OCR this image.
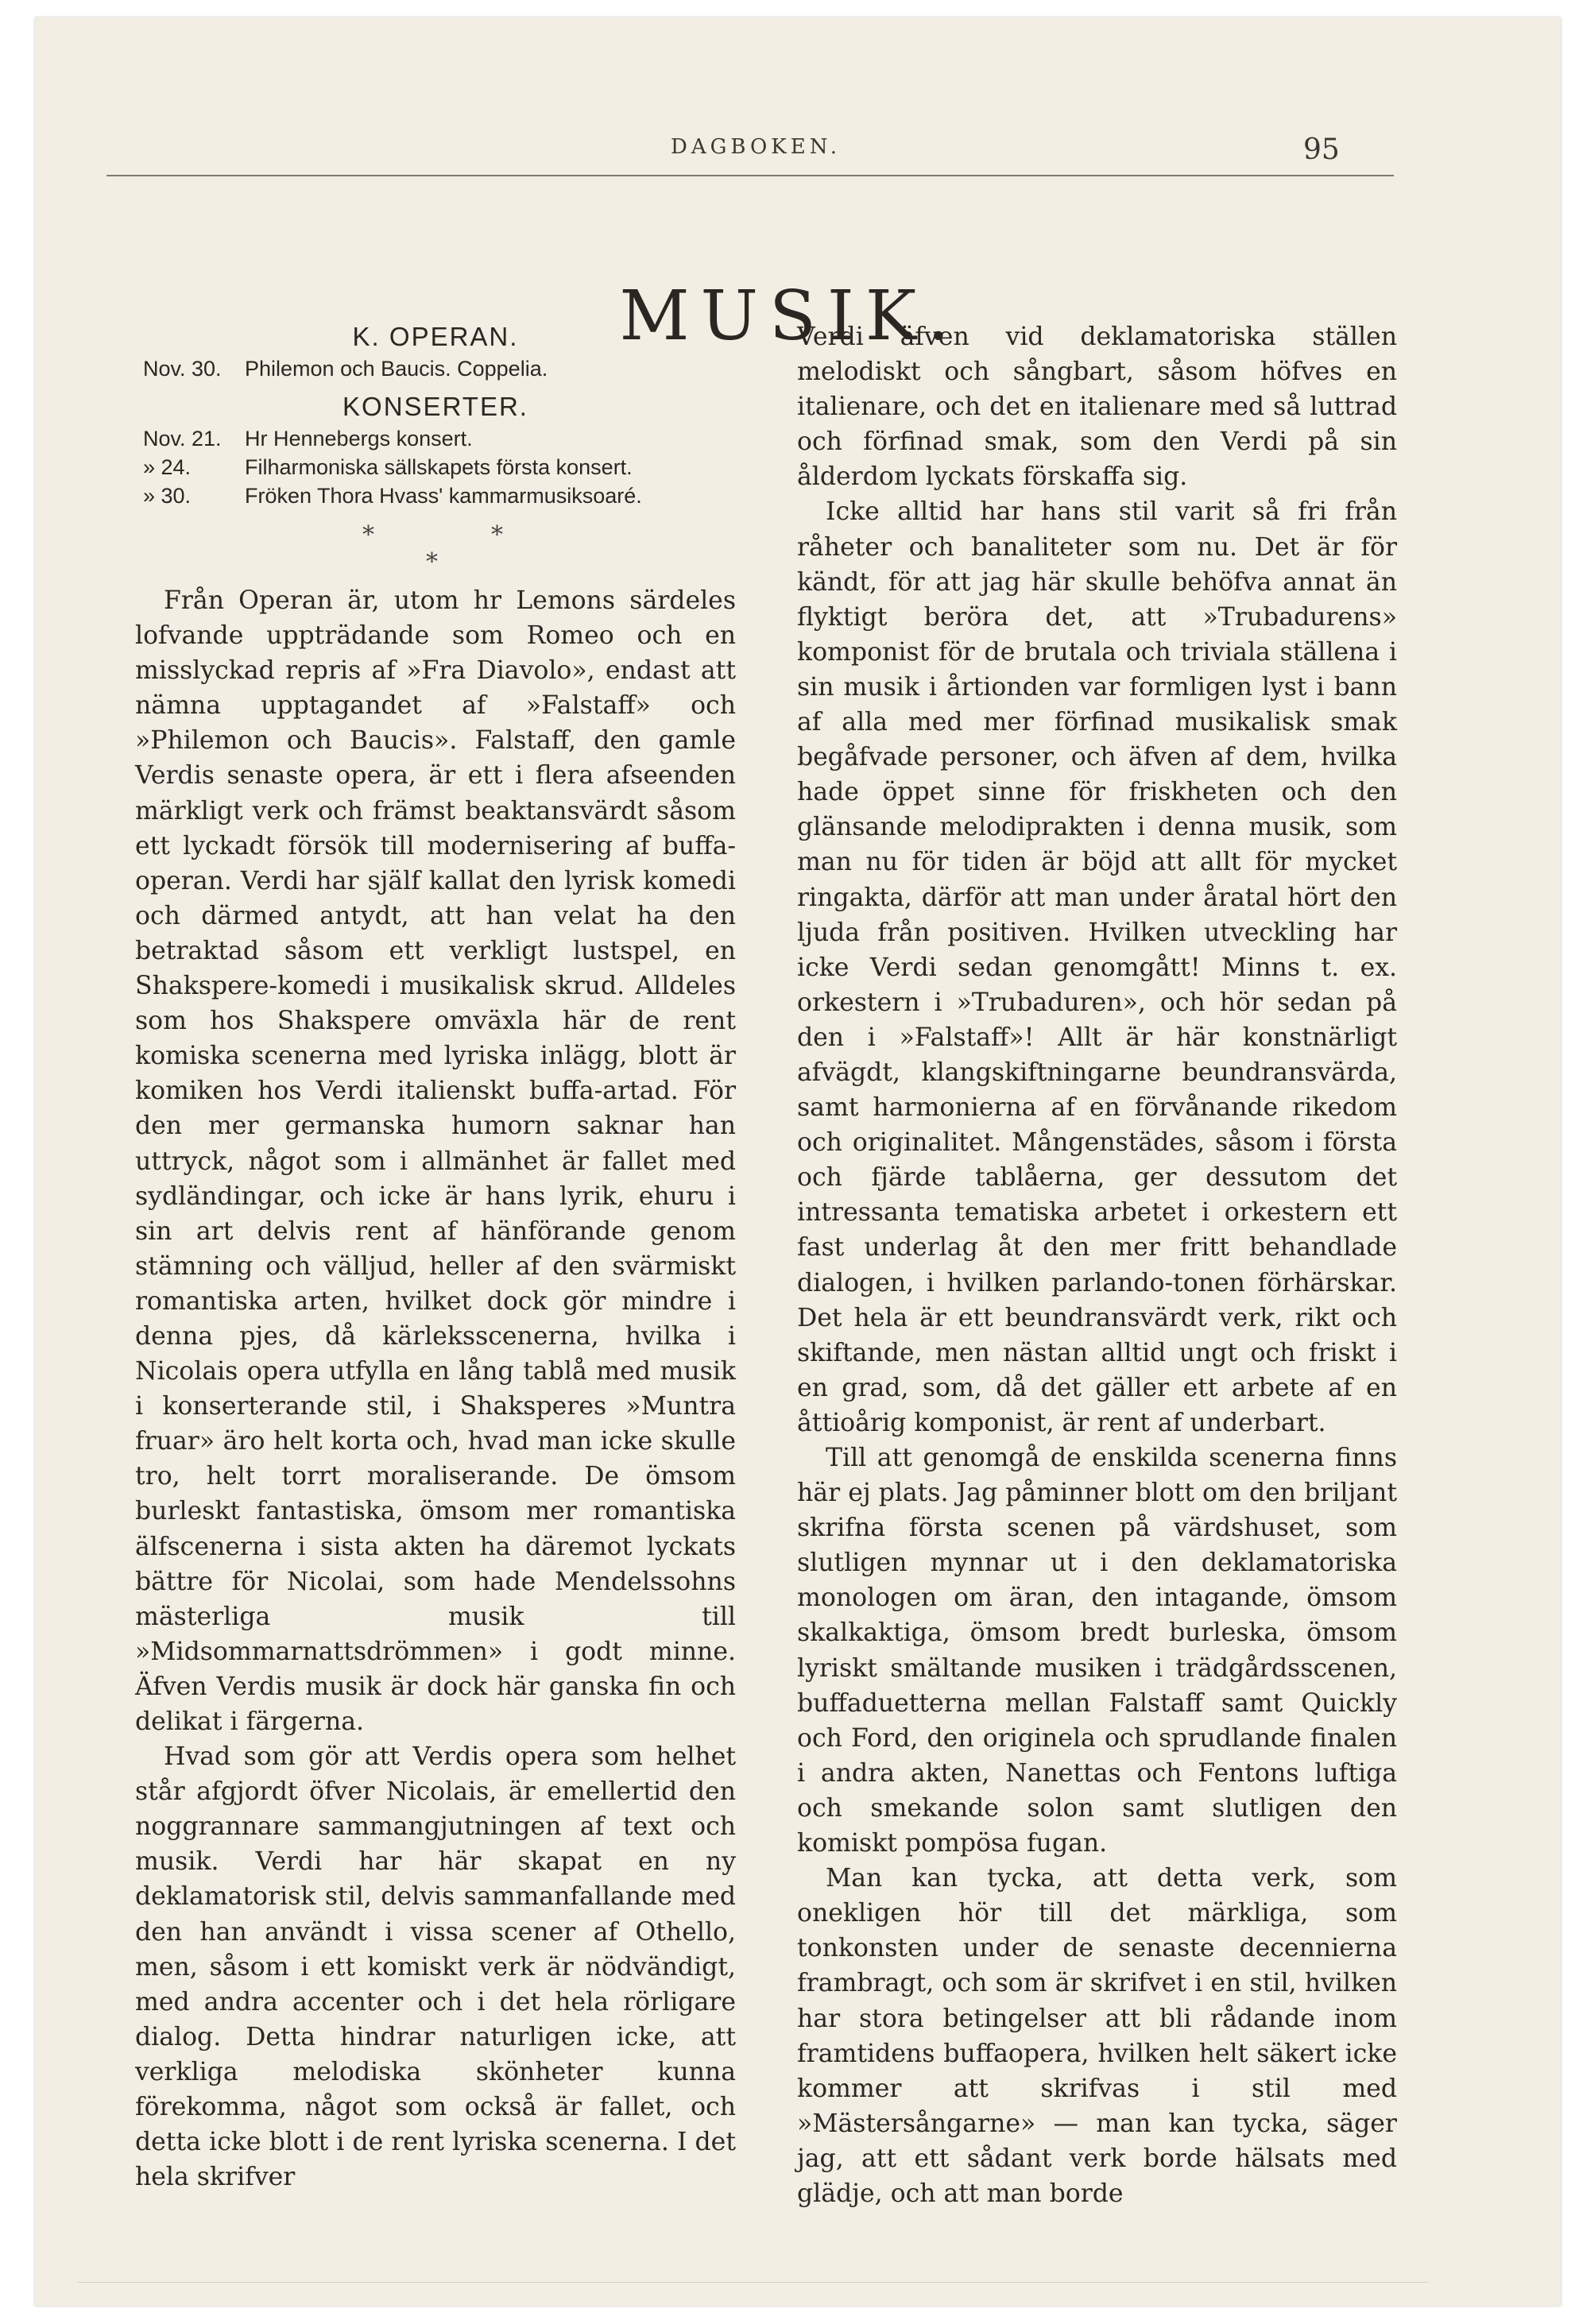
DAGBOKEN.	95
MUSIK.
K. OPERAN.
Nov. 30.	Philemon och Baucis. Coppelia.
KONSERTER.
Nov. 21.	Hr Hennebergs konsert.
» 24.	Filharmoniska sällskapets första konsert.
» 30.	Fröken Thora Hvass' kammarmusiksoaré.
*	*
*

Från Operan är, utom hr Lemons särdeles lofvande uppträdande som Romeo och en misslyckad repris af »Fra Diavolo», endast att nämna upptagandet af »Falstaff» och »Philemon och Baucis». Falstaff, den gamle Verdis senaste opera, är ett i flera afseenden märkligt verk och främst beaktansvärdt såsom ett lyckadt försök till modernisering af buffa-operan. Verdi har själf kallat den lyrisk komedi och därmed antydt, att han velat ha den betraktad såsom ett verkligt lustspel, en Shakspere-komedi i musikalisk skrud. Alldeles som hos Shakspere omväxla här de rent komiska scenerna med lyriska inlägg, blott är komiken hos Verdi italienskt buffa-artad. För den mer germanska humorn saknar han uttryck, något som i allmänhet är fallet med sydländingar, och icke är hans lyrik, ehuru i sin art delvis rent af hänförande genom stämning och välljud, heller af den svärmiskt romantiska arten, hvilket dock gör mindre i denna pjes, då kärleksscenerna, hvilka i Nicolais opera utfylla en lång tablå med musik i konserterande stil, i Shaksperes »Muntra fruar» äro helt korta och, hvad man icke skulle tro, helt torrt moraliserande. De ömsom burleskt fantastiska, ömsom mer romantiska älfscenerna i sista akten ha däremot lyckats bättre för Nicolai, som hade Mendelssohns mästerliga musik till »Midsommarnattsdrömmen» i godt minne. Äfven Verdis musik är dock här ganska fin och delikat i färgerna.

Hvad som gör att Verdis opera som helhet står afgjordt öfver Nicolais, är emellertid den noggrannare sammangjutningen af text och musik. Verdi har här skapat en ny deklamatorisk stil, delvis sammanfallande med den han användt i vissa scener af Othello, men, såsom i ett komiskt verk är nödvändigt, med andra accenter och i det hela rörligare dialog. Detta hindrar naturligen icke, att verkliga melodiska skönheter kunna förekomma, något som också är fallet, och detta icke blott i de rent lyriska scenerna. I det hela skrifver

Verdi äfven vid deklamatoriska ställen melodiskt och sångbart, såsom höfves en italienare, och det en italienare med så luttrad och förfinad smak, som den Verdi på sin ålderdom lyckats förskaffa sig.

Icke alltid har hans stil varit så fri från råheter och banaliteter som nu. Det är för kändt, för att jag här skulle behöfva annat än flyktigt beröra det, att »Trubadurens» komponist för de brutala och triviala ställena i sin musik i årtionden var formligen lyst i bann af alla med mer förfinad musikalisk smak begåfvade personer, och äfven af dem, hvilka hade öppet sinne för friskheten och den glänsande melodiprakten i denna musik, som man nu för tiden är böjd att allt för mycket ringakta, därför att man under åratal hört den ljuda från positiven. Hvilken utveckling har icke Verdi sedan genomgått! Minns t. ex. orkestern i »Trubaduren», och hör sedan på den i »Falstaff»! Allt är här konstnärligt afvägdt, klangskiftningarne beundransvärda, samt harmonierna af en förvånande rikedom och originalitet. Mångenstädes, såsom i första och fjärde tablåerna, ger dessutom det intressanta tematiska arbetet i orkestern ett fast underlag åt den mer fritt behandlade dialogen, i hvilken parlando-tonen förhärskar. Det hela är ett beundransvärdt verk, rikt och skiftande, men nästan alltid ungt och friskt i en grad, som, då det gäller ett arbete af en åttioårig komponist, är rent af underbart.

Till att genomgå de enskilda scenerna finns här ej plats. Jag påminner blott om den briljant skrifna första scenen på värdshuset, som slutligen mynnar ut i den deklamatoriska monologen om äran, den intagande, ömsom skalkaktiga, ömsom bredt burleska, ömsom lyriskt smältande musiken i trädgårdsscenen, buffaduetterna mellan Falstaff samt Quickly och Ford, den originela och sprudlande finalen i andra akten, Nanettas och Fentons luftiga och smekande solon samt slutligen den komiskt pompösa fugan.

Man kan tycka, att detta verk, som onekligen hör till det märkliga, som tonkonsten under de senaste decennierna frambragt, och som är skrifvet i en stil, hvilken har stora betingelser att bli rådande inom framtidens buffaopera, hvilken helt säkert icke kommer att skrifvas i stil med »Mästersångarne» — man kan tycka, säger jag, att ett sådant verk borde hälsats med glädje, och att man borde
